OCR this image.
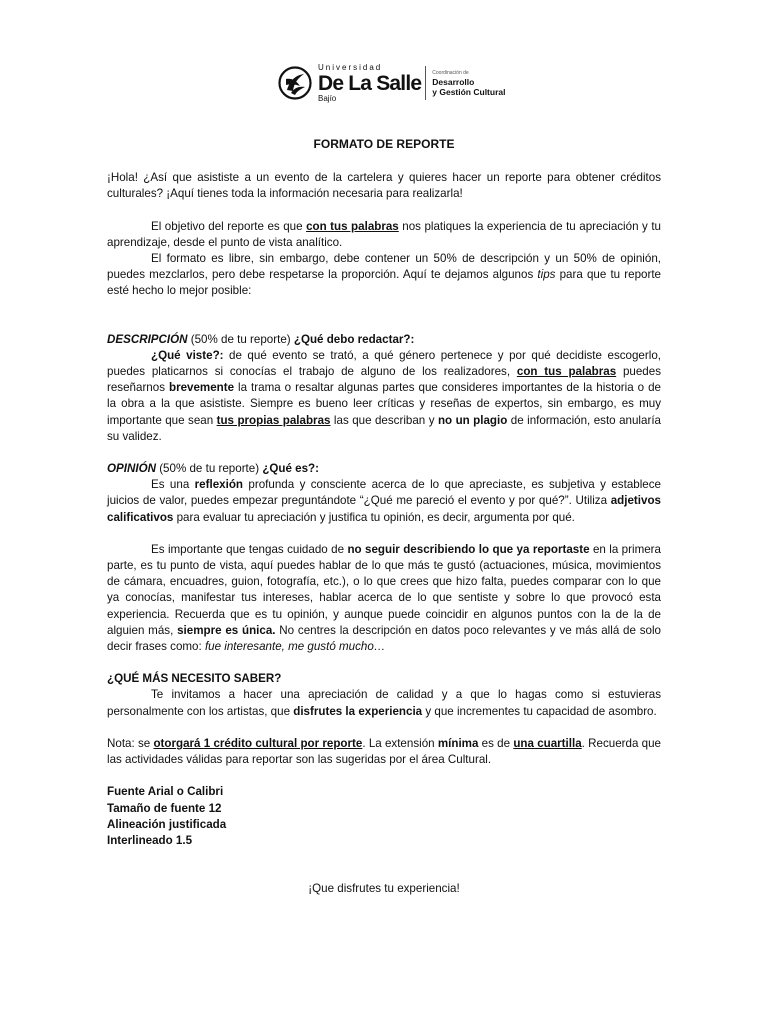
Universidad
De La Salle
Bajío
Coordinación de
Desarrollo
y Gestión Cultural

FORMATO DE REPORTE

¡Hola! ¿Así que asististe a un evento de la cartelera y quieres hacer un reporte para obtener créditos culturales? ¡Aquí tienes toda la información necesaria para realizarla!

El objetivo del reporte es que con tus palabras nos platiques la experiencia de tu apreciación y tu aprendizaje, desde el punto de vista analítico.

El formato es libre, sin embargo, debe contener un 50% de descripción y un 50% de opinión, puedes mezclarlos, pero debe respetarse la proporción. Aquí te dejamos algunos tips para que tu reporte esté hecho lo mejor posible:

DESCRIPCIÓN (50% de tu reporte) ¿Qué debo redactar?:

¿Qué viste?: de qué evento se trató, a qué género pertenece y por qué decidiste escogerlo, puedes platicarnos si conocías el trabajo de alguno de los realizadores, con tus palabras puedes reseñarnos brevemente la trama o resaltar algunas partes que consideres importantes de la historia o de la obra a la que asististe. Siempre es bueno leer críticas y reseñas de expertos, sin embargo, es muy importante que sean tus propias palabras las que describan y no un plagio de información, esto anularía su validez.

OPINIÓN (50% de tu reporte) ¿Qué es?:

Es una reflexión profunda y consciente acerca de lo que apreciaste, es subjetiva y establece juicios de valor, puedes empezar preguntándote “¿Qué me pareció el evento y por qué?”. Utiliza adjetivos calificativos para evaluar tu apreciación y justifica tu opinión, es decir, argumenta por qué.

Es importante que tengas cuidado de no seguir describiendo lo que ya reportaste en la primera parte, es tu punto de vista, aquí puedes hablar de lo que más te gustó (actuaciones, música, movimientos de cámara, encuadres, guion, fotografía, etc.), o lo que crees que hizo falta, puedes comparar con lo que ya conocías, manifestar tus intereses, hablar acerca de lo que sentiste y sobre lo que provocó esta experiencia. Recuerda que es tu opinión, y aunque puede coincidir en algunos puntos con la de la de alguien más, siempre es única. No centres la descripción en datos poco relevantes y ve más allá de solo decir frases como: fue interesante, me gustó mucho…

¿QUÉ MÁS NECESITO SABER?

Te invitamos a hacer una apreciación de calidad y a que lo hagas como si estuvieras personalmente con los artistas, que disfrutes la experiencia y que incrementes tu capacidad de asombro.

Nota: se otorgará 1 crédito cultural por reporte. La extensión mínima es de una cuartilla. Recuerda que las actividades válidas para reportar son las sugeridas por el área Cultural.

Fuente Arial o Calibri

Tamaño de fuente 12

Alineación justificada

Interlineado 1.5

¡Que disfrutes tu experiencia!
